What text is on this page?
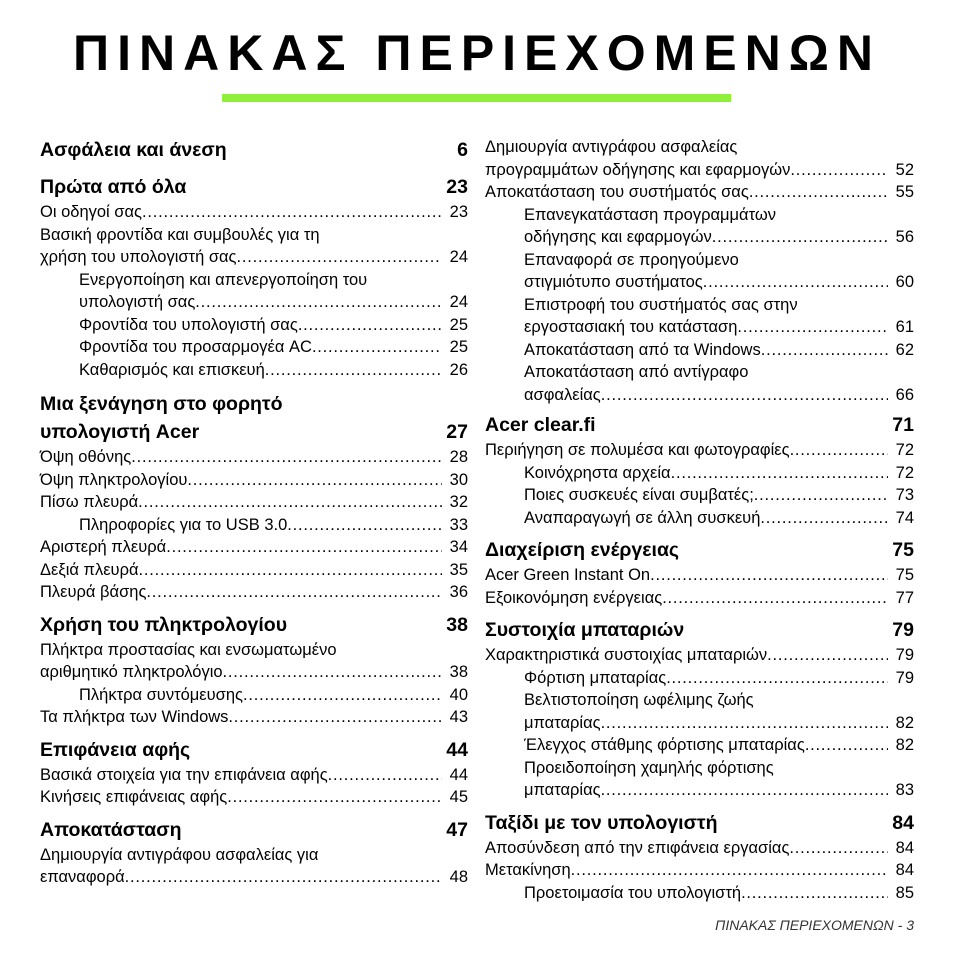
ΠΙΝΑΚΑΣ ΠΕΡΙΕΧΟΜΕΝΩΝ
Ασφάλεια και άνεση	6
Πρώτα από όλα	23
Οι οδηγοί σας . . .	23
Βασική φροντίδα και συμβουλές για τη
χρήση του υπολογιστή σας . . .	24
Ενεργοποίηση και απενεργοποίηση του
υπολογιστή σας . . .	24
Φροντίδα του υπολογιστή σας . . .	25
Φροντίδα του προσαρμογέα AC . . .	25
Καθαρισμός και επισκευή . . .	26
Μια ξενάγηση στο φορητό
υπολογιστή Acer	27
Όψη οθόνης . . .	28
Όψη πληκτρολογίου . . .	30
Πίσω πλευρά . . .	32
Πληροφορίες για το USB 3.0 . . .	33
Αριστερή πλευρά . . .	34
Δεξιά πλευρά . . .	35
Πλευρά βάσης . . .	36
Χρήση του πληκτρολογίου	38
Πλήκτρα προστασίας και ενσωματωμένο
αριθμητικό πληκτρολόγιο . . .	38
Πλήκτρα συντόμευσης . . .	40
Τα πλήκτρα των Windows . . .	43
Επιφάνεια αφής	44
Βασικά στοιχεία για την επιφάνεια αφής . . .	44
Κινήσεις επιφάνειας αφής . . .	45
Αποκατάσταση	47
Δημιουργία αντιγράφου ασφαλείας για
επαναφορά . . .	48
Δημιουργία αντιγράφου ασφαλείας
προγραμμάτων οδήγησης και εφαρμογών . . .	52
Αποκατάσταση του συστήματός σας . . .	55
Επανεγκατάσταση προγραμμάτων
οδήγησης και εφαρμογών . . .	56
Επαναφορά σε προηγούμενο
στιγμιότυπο συστήματος . . .	60
Επιστροφή του συστήματός σας στην
εργοστασιακή του κατάσταση . . .	61
Αποκατάσταση από τα Windows . . .	62
Αποκατάσταση από αντίγραφο
ασφαλείας . . .	66
Acer clear.fi	71
Περιήγηση σε πολυμέσα και φωτογραφίες . . .	72
Κοινόχρηστα αρχεία . . .	72
Ποιες συσκευές είναι συμβατές; . . .	73
Αναπαραγωγή σε άλλη συσκευή . . .	74
Διαχείριση ενέργειας	75
Acer Green Instant On . . .	75
Εξοικονόμηση ενέργειας . . .	77
Συστοιχία μπαταριών	79
Χαρακτηριστικά συστοιχίας μπαταριών . . .	79
Φόρτιση μπαταρίας . . .	79
Βελτιστοποίηση ωφέλιμης ζωής
μπαταρίας . . .	82
Έλεγχος στάθμης φόρτισης μπαταρίας . . .	82
Προειδοποίηση χαμηλής φόρτισης
μπαταρίας . . .	83
Ταξίδι με τον υπολογιστή	84
Αποσύνδεση από την επιφάνεια εργασίας . . .	84
Μετακίνηση . . .	84
Προετοιμασία του υπολογιστή . . .	85
ΠΙΝΑΚΑΣ ΠΕΡΙΕΧΟΜΕΝΩΝ - 3
